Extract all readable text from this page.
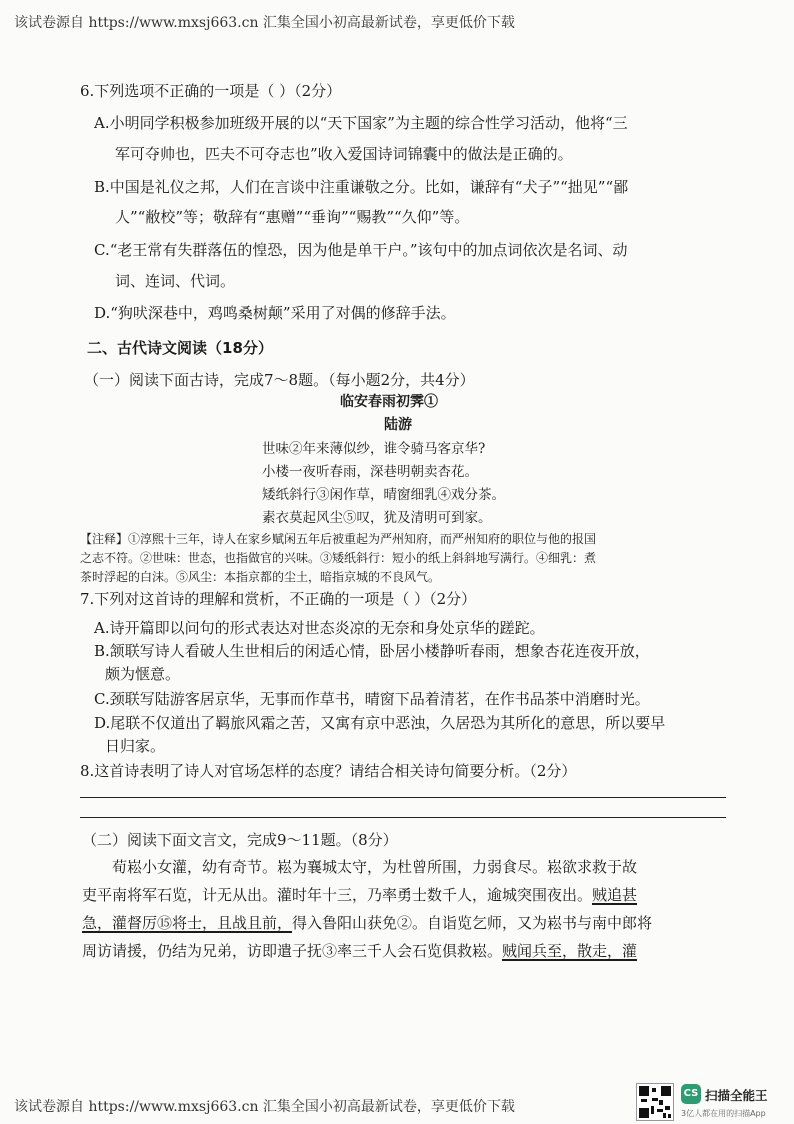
该试卷源自 https://www.mxsj663.cn 汇集全国小初高最新试卷，享更低价下载
6.下列选项不正确的一项是（ ）（2分）
A.小明同学积极参加班级开展的以“天下国家”为主题的综合性学习活动，他将“三
军可夺帅也，匹夫不可夺志也”收入爱国诗词锦囊中的做法是正确的。
B.中国是礼仪之邦，人们在言谈中注重谦敬之分。比如，谦辞有“犬子”“拙见”“鄙
人”“敝校”等；敬辞有“惠赠”“垂询”“赐教”“久仰”等。
C.“老王常有失群落伍的惶恐，因为他是单干户。”该句中的加点词依次是名词、动
词、连词、代词。
D.“狗吠深巷中，鸡鸣桑树颠”采用了对偶的修辞手法。
二、古代诗文阅读（18分）
（一）阅读下面古诗，完成7～8题。（每小题2分，共4分）
临安春雨初霁①
陆游
世味②年来薄似纱，谁令骑马客京华?
小楼一夜听春雨，深巷明朝卖杏花。
矮纸斜行③闲作草，晴窗细乳④戏分茶。
素衣莫起风尘⑤叹，犹及清明可到家。
【注释】①淳熙十三年，诗人在家乡赋闲五年后被重起为严州知府，而严州知府的职位与他的报国
之志不符。②世味：世态，也指做官的兴味。③矮纸斜行：短小的纸上斜斜地写满行。④细乳：煮
茶时浮起的白沫。⑤风尘：本指京都的尘土，暗指京城的不良风气。
7.下列对这首诗的理解和赏析，不正确的一项是（ ）（2分）
A.诗开篇即以问句的形式表达对世态炎凉的无奈和身处京华的蹉跎。
B.颔联写诗人看破人生世相后的闲适心情，卧居小楼静听春雨，想象杏花连夜开放，
颇为惬意。
C.颈联写陆游客居京华，无事而作草书，晴窗下品着清茗，在作书品茶中消磨时光。
D.尾联不仅道出了羁旅风霜之苦，又寓有京中恶浊，久居恐为其所化的意思，所以要早
日归家。
8.这首诗表明了诗人对官场怎样的态度？请结合相关诗句简要分析。（2分）
（二）阅读下面文言文，完成9～11题。（8分）
荀崧小女灌，幼有奇节。崧为襄城太守，为杜曾所围，力弱食尽。崧欲求救于故
吏平南将军石览，计无从出。灌时年十三，乃率勇士数千人，逾城突围夜出。贼追甚
急，灌督厉⑮将士，且战且前，得入鲁阳山获免②。自诣览乞师，又为崧书与南中郎将
周访请援，仍结为兄弟，访即遣子抚③率三千人会石览俱救崧。贼闻兵至，散走，灌
该试卷源自 https://www.mxsj663.cn 汇集全国小初高最新试卷，享更低价下载
CS 扫描全能王
3亿人都在用的扫描App
